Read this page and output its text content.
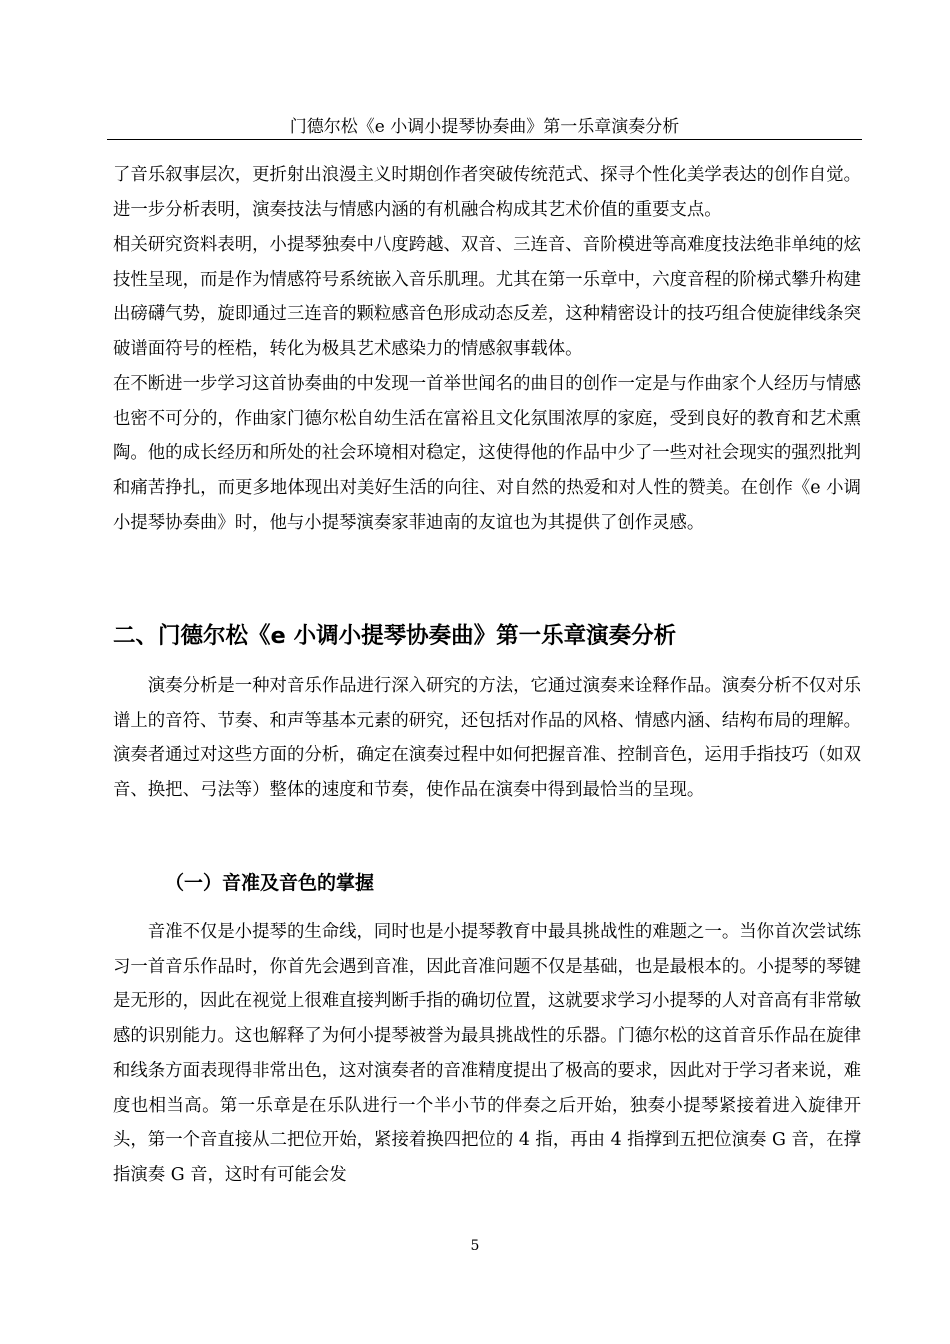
门德尔松《e 小调小提琴协奏曲》第一乐章演奏分析
了音乐叙事层次，更折射出浪漫主义时期创作者突破传统范式、探寻个性化美学表达的创作自觉。进一步分析表明，演奏技法与情感内涵的有机融合构成其艺术价值的重要支点。
相关研究资料表明，小提琴独奏中八度跨越、双音、三连音、音阶模进等高难度技法绝非单纯的炫技性呈现，而是作为情感符号系统嵌入音乐肌理。尤其在第一乐章中，六度音程的阶梯式攀升构建出磅礴气势，旋即通过三连音的颗粒感音色形成动态反差，这种精密设计的技巧组合使旋律线条突破谱面符号的桎梏，转化为极具艺术感染力的情感叙事载体。
在不断进一步学习这首协奏曲的中发现一首举世闻名的曲目的创作一定是与作曲家个人经历与情感也密不可分的，作曲家门德尔松自幼生活在富裕且文化氛围浓厚的家庭，受到良好的教育和艺术熏陶。他的成长经历和所处的社会环境相对稳定，这使得他的作品中少了一些对社会现实的强烈批判和痛苦挣扎，而更多地体现出对美好生活的向往、对自然的热爱和对人性的赞美。在创作《e 小调小提琴协奏曲》时，他与小提琴演奏家菲迪南的友谊也为其提供了创作灵感。
二、门德尔松《e 小调小提琴协奏曲》第一乐章演奏分析
演奏分析是一种对音乐作品进行深入研究的方法，它通过演奏来诠释作品。演奏分析不仅对乐谱上的音符、节奏、和声等基本元素的研究，还包括对作品的风格、情感内涵、结构布局的理解。演奏者通过对这些方面的分析，确定在演奏过程中如何把握音准、控制音色，运用手指技巧（如双音、换把、弓法等）整体的速度和节奏，使作品在演奏中得到最恰当的呈现。
（一）音准及音色的掌握
音准不仅是小提琴的生命线，同时也是小提琴教育中最具挑战性的难题之一。当你首次尝试练习一首音乐作品时，你首先会遇到音准，因此音准问题不仅是基础，也是最根本的。小提琴的琴键是无形的，因此在视觉上很难直接判断手指的确切位置，这就要求学习小提琴的人对音高有非常敏感的识别能力。这也解释了为何小提琴被誉为最具挑战性的乐器。门德尔松的这首音乐作品在旋律和线条方面表现得非常出色，这对演奏者的音准精度提出了极高的要求，因此对于学习者来说，难度也相当高。第一乐章是在乐队进行一个半小节的伴奏之后开始，独奏小提琴紧接着进入旋律开头，第一个音直接从二把位开始，紧接着换四把位的 4 指，再由 4 指撑到五把位演奏 G 音，在撑指演奏 G 音，这时有可能会发
5
